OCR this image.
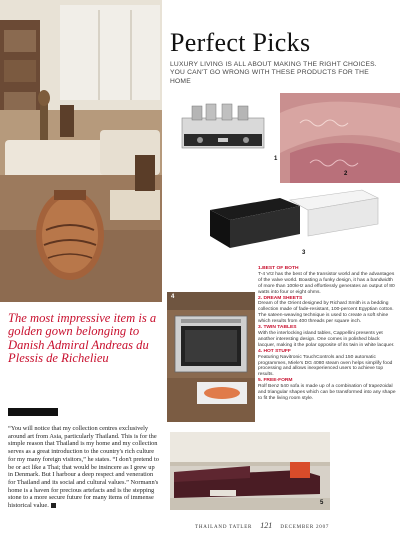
The most impressive item is a golden gown belonging to Danish Admiral Andreas du Plessis de Richelieu
“You will notice that my collection centres exclusively around art from Asia, particularly Thailand. This is for the simple reason that Thailand is my home and my collection serves as a great introduction to the country's rich culture for my many foreign visitors,” he states. “I don't pretend to be or act like a Thai; that would be insincere as I grew up in Denmark. But I harbour a deep respect and veneration for Thailand and its social and cultural values.” Normann's home is a haven for precious artefacts and is the stepping stone to a more secure future for many items of immense historical value.
Perfect Picks
LUXURY LIVING IS ALL ABOUT MAKING THE RIGHT CHOICES. YOU CAN'T GO WRONG WITH THESE PRODUCTS FOR THE HOME
1
2
3
4
5
1.BEST OF BOTH
T-4 Vr2 has the best of the transistor world and the advantages of the valve world. Boasting a funky design, it has a bandwidth of more than 100kHz and effortlessly generates an output of 80 watts into four or eight ohms.
2. DREAM SHEETS
Dream of the Orient designed by Richard Smith is a bedding collection made of fade-resistant, 100-percent Egyptian cotton. The sateen-weaving technique is used to create a soft shine which results from 400 threads per square inch.
3. TWIN TABLES
With the interlocking island tables, Cappellini presents yet another interesting design. One comes in polished black lacquer, making it the polar opposite of its twin in white lacquer.
4. HOT STUFF
Featuring Navitronic TouchControls and 150 automatic programmes, Miele's DG 4080 steam oven helps simplify food processing and allows inexperienced users to achieve top results.
5. FREE-FORM
Rolf Benz 540 sofa is made up of a combination of trapezoidal and triangular shapes which can be transformed into any shape to fit the living room style.
THAILAND TATLER 121 DECEMBER 2007
